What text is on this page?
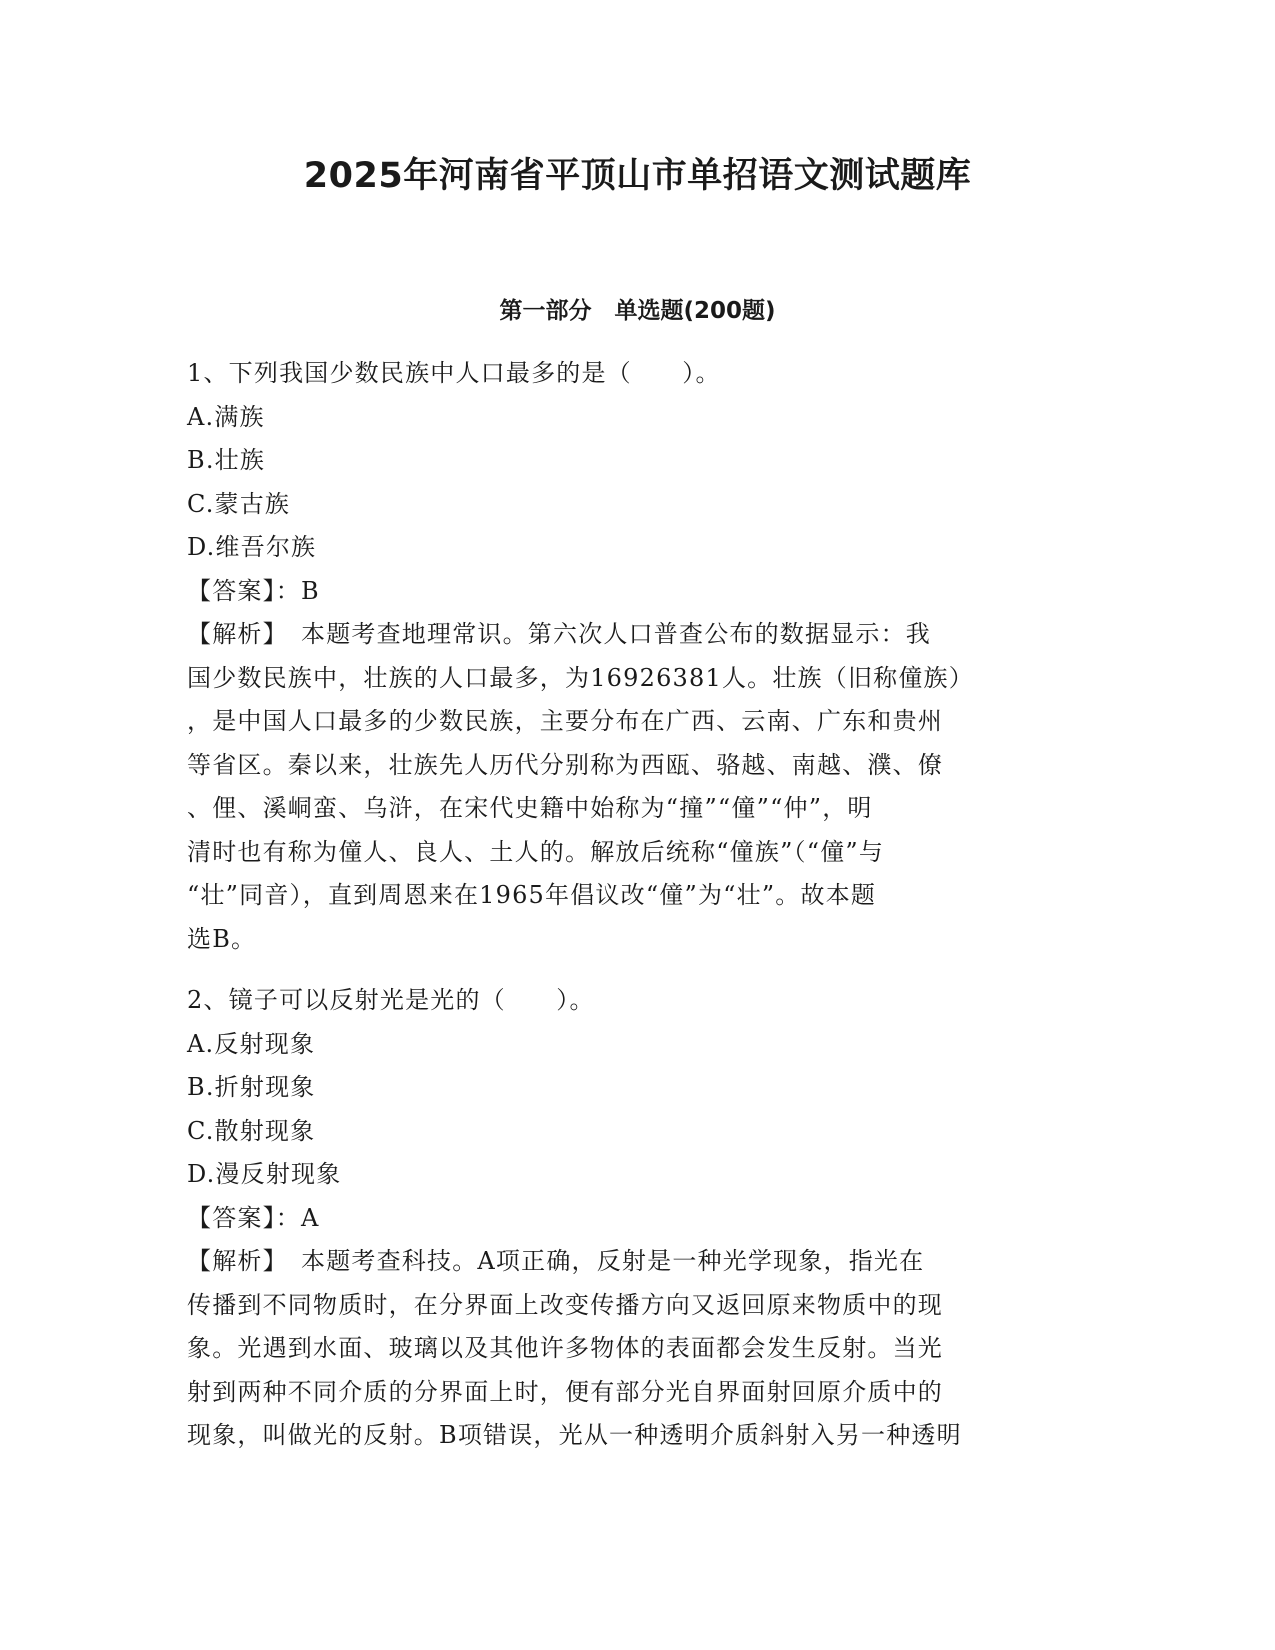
2025年河南省平顶山市单招语文测试题库
第一部分　单选题(200题)
1、下列我国少数民族中人口最多的是（　　）。
A.满族
B.壮族
C.蒙古族
D.维吾尔族
【答案】：B
【解析】　本题考查地理常识。第六次人口普查公布的数据显示：我
国少数民族中，壮族的人口最多，为16926381人。壮族（旧称僮族）
，是中国人口最多的少数民族，主要分布在广西、云南、广东和贵州
等省区。秦以来，壮族先人历代分别称为西瓯、骆越、南越、濮、僚
、俚、溪峒蛮、乌浒，在宋代史籍中始称为“撞”“僮”“仲”，明
清时也有称为僮人、良人、土人的。解放后统称“僮族”（“僮”与
“壮”同音），直到周恩来在1965年倡议改“僮”为“壮”。故本题
选B。
2、镜子可以反射光是光的（　　）。
A.反射现象
B.折射现象
C.散射现象
D.漫反射现象
【答案】：A
【解析】　本题考查科技。A项正确，反射是一种光学现象，指光在
传播到不同物质时，在分界面上改变传播方向又返回原来物质中的现
象。光遇到水面、玻璃以及其他许多物体的表面都会发生反射。当光
射到两种不同介质的分界面上时，便有部分光自界面射回原介质中的
现象，叫做光的反射。B项错误，光从一种透明介质斜射入另一种透明
